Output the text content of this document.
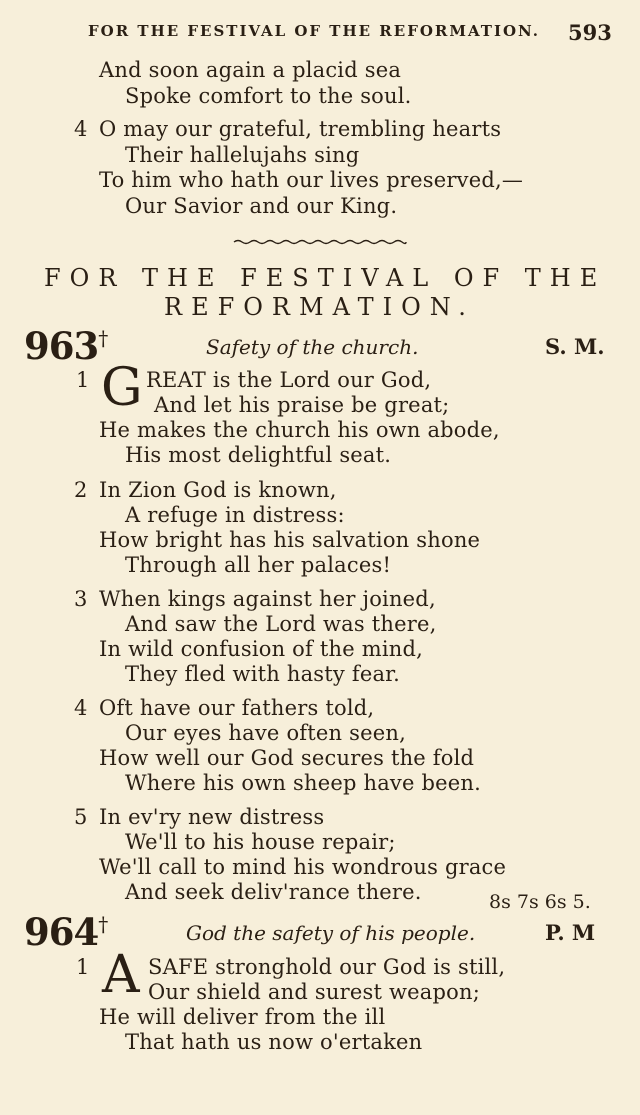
FOR THE FESTIVAL OF THE REFORMATION. 593
And soon again a placid sea
Spoke comfort to the soul.
4 O may our grateful, trembling hearts
Their hallelujahs sing
To him who hath our lives preserved,—
Our Savior and our King.
FOR THE FESTIVAL OF THE
REFORMATION.
963†	Safety of the church.	S. M.
1 G REAT is the Lord our God,
And let his praise be great;
He makes the church his own abode,
His most delightful seat.
2 In Zion God is known,
A refuge in distress:
How bright has his salvation shone
Through all her palaces!
3 When kings against her joined,
And saw the Lord was there,
In wild confusion of the mind,
They fled with hasty fear.
4 Oft have our fathers told,
Our eyes have often seen,
How well our God secures the fold
Where his own sheep have been.
5 In ev'ry new distress
We'll to his house repair;
We'll call to mind his wondrous grace
And seek deliv'rance there.	8s 7s 6s 5.
964†	God the safety of his people.	P. M
1 A SAFE stronghold our God is still,
Our shield and surest weapon;
He will deliver from the ill
That hath us now o'ertaken
